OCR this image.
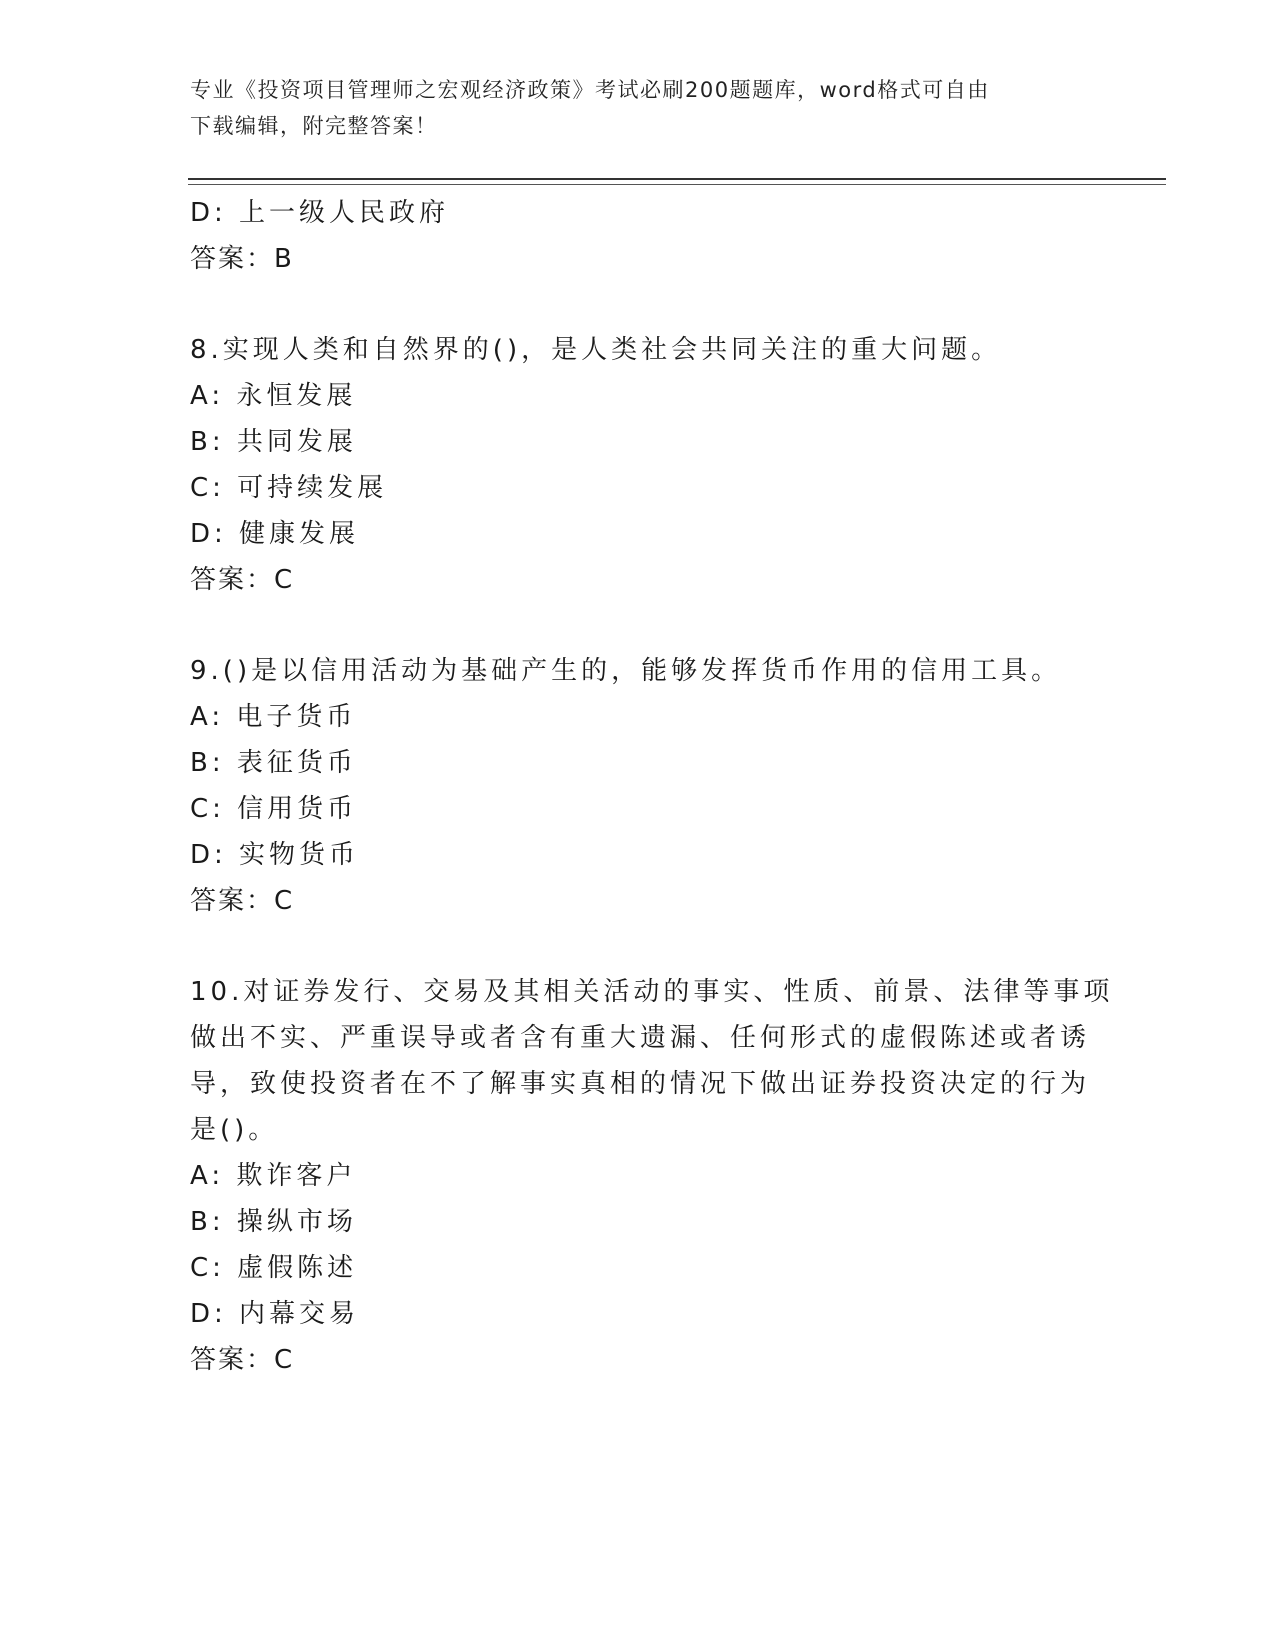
专业《投资项目管理师之宏观经济政策》考试必刷200题题库，word格式可自由
下载编辑，附完整答案！
D: 上一级人民政府
答案：B
8.实现人类和自然界的()，是人类社会共同关注的重大问题。
A: 永恒发展
B: 共同发展
C: 可持续发展
D: 健康发展
答案：C
9.()是以信用活动为基础产生的，能够发挥货币作用的信用工具。
A: 电子货币
B: 表征货币
C: 信用货币
D: 实物货币
答案：C
10.对证券发行、交易及其相关活动的事实、性质、前景、法律等事项
做出不实、严重误导或者含有重大遗漏、任何形式的虚假陈述或者诱
导，致使投资者在不了解事实真相的情况下做出证券投资决定的行为
是()。
A: 欺诈客户
B: 操纵市场
C: 虚假陈述
D: 内幕交易
答案：C
